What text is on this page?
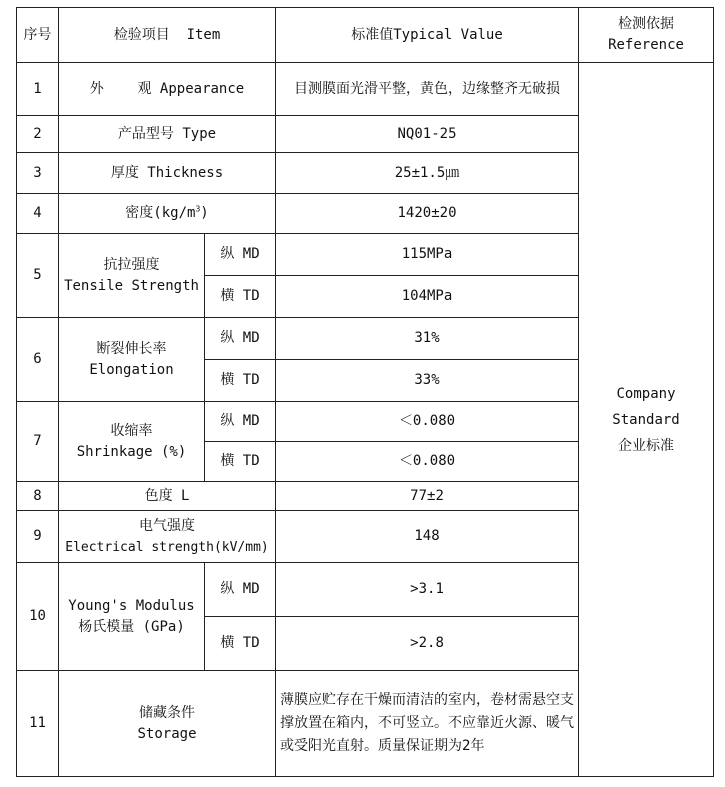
序号	检验项目  Item		标准值Typical Value	检测依据
Reference

1	外    观 Appearance		目测膜面光滑平整，黄色，边缘整齐无破损	Company
Standard
企业标准

2	产品型号 Type		NQ01-25	
3	厚度 Thickness		25±1.5㎛	
4	密度$(kg/m^3)$		1420±20	
5	抗拉强度
Tensile Strength	纵 MD	115MPa	
		横 TD	104MPa	
6	断裂伸长率
Elongation	纵 MD	31%	
		横 TD	33%	
7	收缩率
Shrinkage (%)	纵 MD	＜0.080	
		横 TD	＜0.080	
8	色度 L		77±2	
9	电气强度
Electrical strength(kV/mm)		148	
10	Young's Modulus
杨氏模量 (GPa)	纵 MD	>3.1	
		横 TD	>2.8	
11	储藏条件
Storage		薄膜应贮存在干燥而清洁的室内，卷材需悬空支撑放置在箱内，不可竖立。不应靠近火源、暖气或受阳光直射。质量保证期为2年	
